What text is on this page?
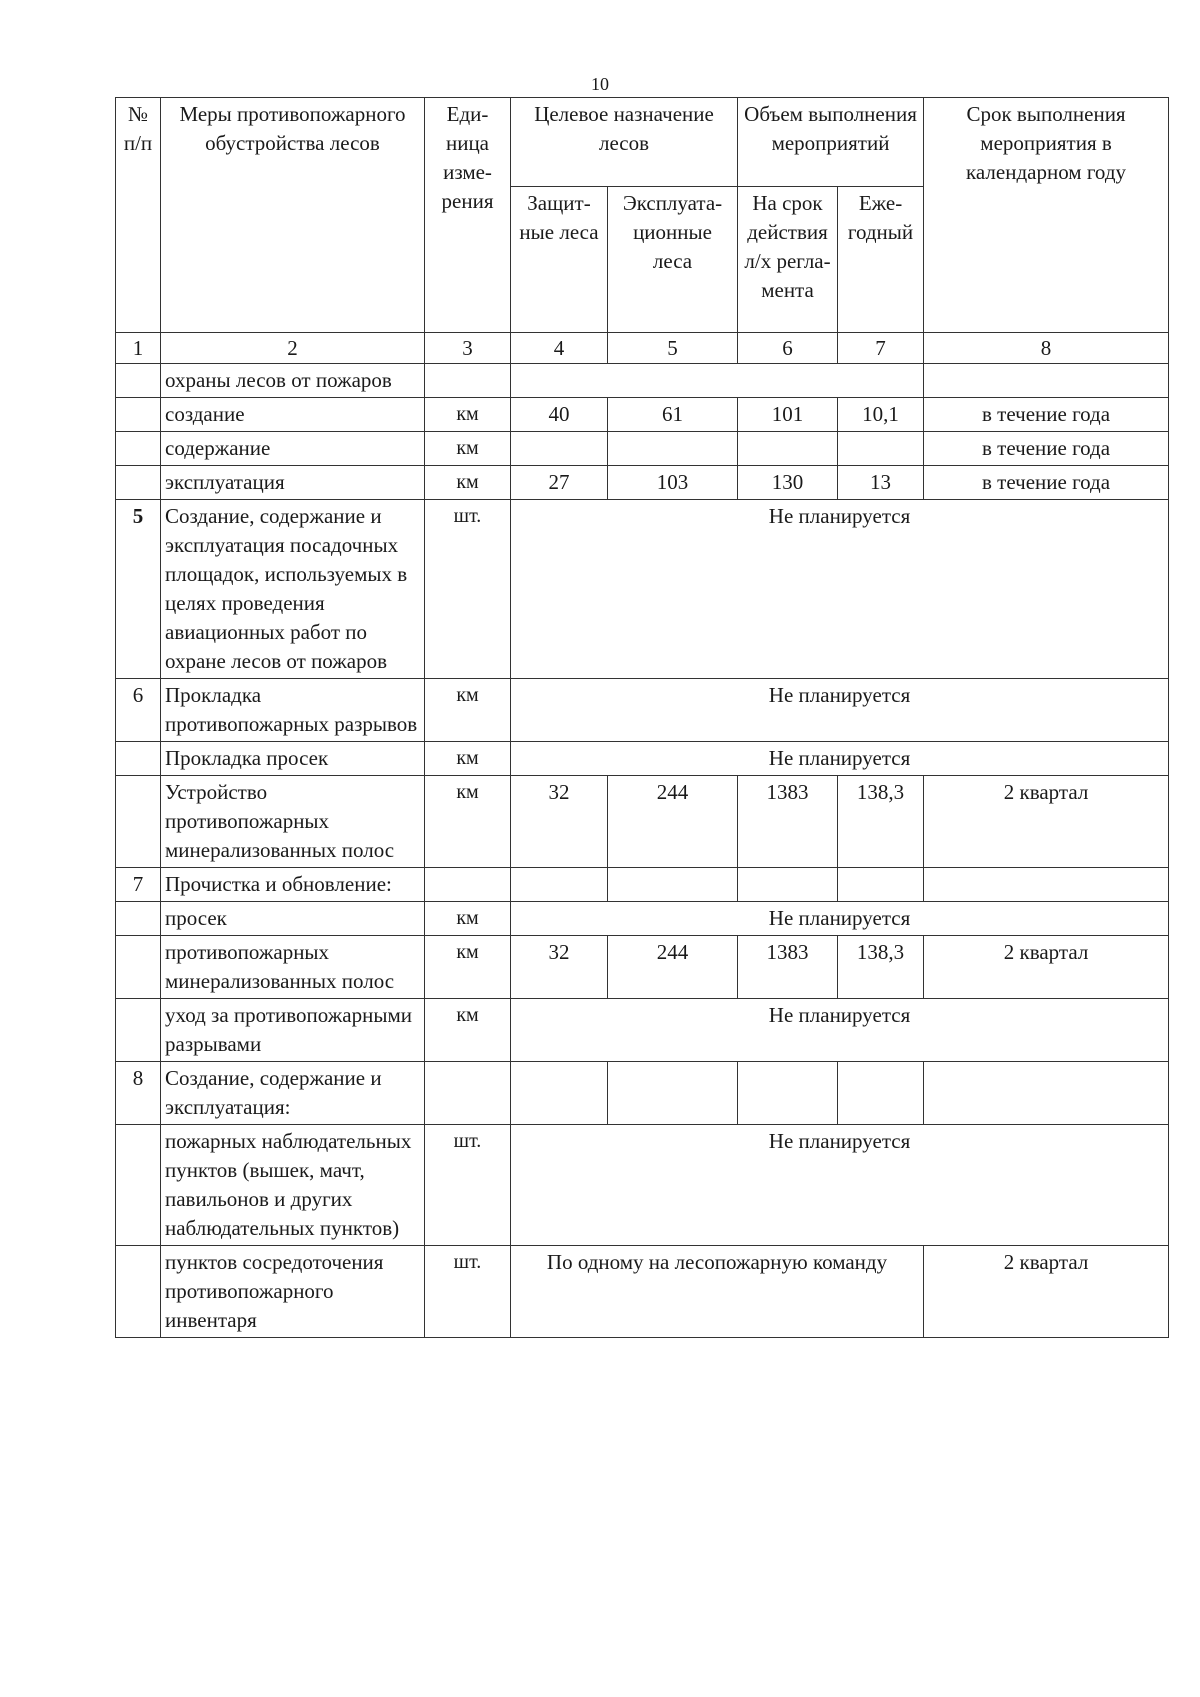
10
№ п/п	Меры противопожарного обустройства лесов	Еди-ница изме-рения	Целевое назначение лесов		Объем выполнения мероприятий		Срок выполнения мероприятия в календарном году
			Защит-ные леса	Эксплуата-ционные леса	На срок действия л/х регла-мента	Еже-годный	
1	2	3	4	5	6	7	8
	охраны лесов от пожаров						
	создание	км	40	61	101	10,1	в течение года
	содержание	км					в течение года
	эксплуатация	км	27	103	130	13	в течение года
5	Создание, содержание и эксплуатация посадочных площадок, используемых в целях проведения авиационных работ по охране лесов от пожаров	шт.	Не планируется				
6	Прокладка противопожарных разрывов	км	Не планируется				
	Прокладка просек	км	Не планируется				
	Устройство противопожарных минерализованных полос	км	32	244	1383	138,3	2 квартал
7	Прочистка и обновление:						
	просек	км	Не планируется				
	противопожарных минерализованных полос	км	32	244	1383	138,3	2 квартал
	уход за противопожарными разрывами	км	Не планируется				
8	Создание, содержание и эксплуатация:						
	пожарных наблюдательных пунктов (вышек, мачт, павильонов и других наблюдательных пунктов)	шт.	Не планируется				
	пунктов сосредоточения противопожарного инвентаря	шт.	По одному на лесопожарную команду				2 квартал
